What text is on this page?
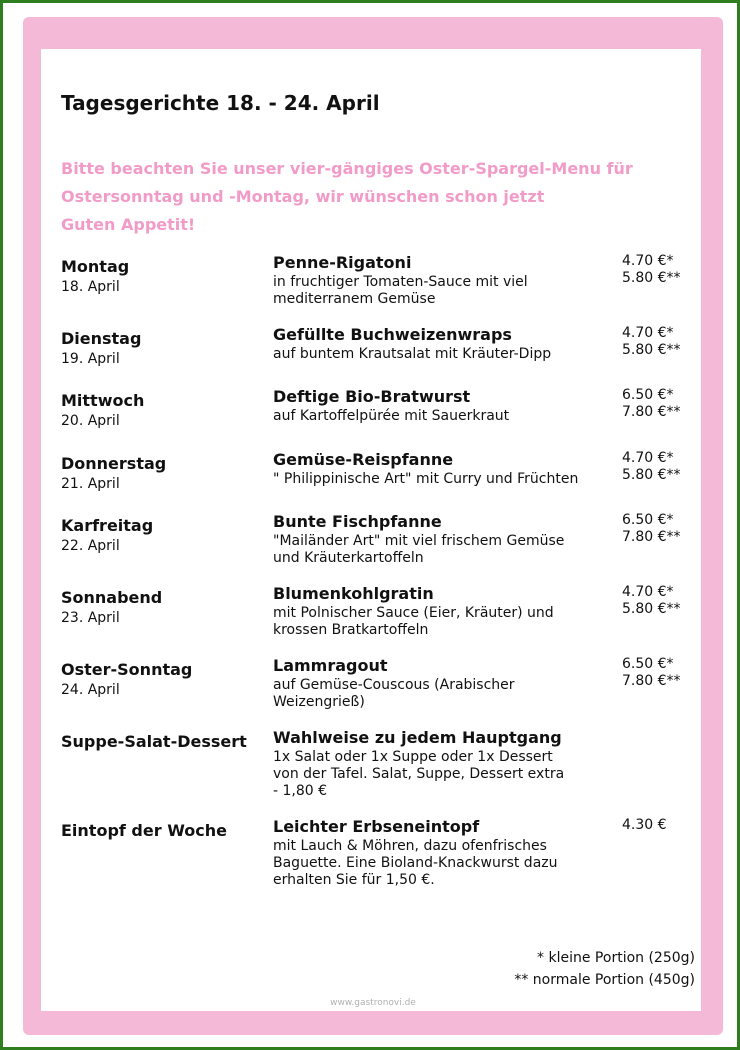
Tagesgerichte 18. - 24. April
Bitte beachten Sie unser vier-gängiges Oster-Spargel-Menu für
Ostersonntag und -Montag, wir wünschen schon jetzt
Guten Appetit!
Montag
18. April
Penne-Rigatoni
in fruchtiger Tomaten-Sauce mit viel
mediterranem Gemüse
4.70 €*
5.80 €**
Dienstag
19. April
Gefüllte Buchweizenwraps
auf buntem Krautsalat mit Kräuter-Dipp
4.70 €*
5.80 €**
Mittwoch
20. April
Deftige Bio-Bratwurst
auf Kartoffelpürée mit Sauerkraut
6.50 €*
7.80 €**
Donnerstag
21. April
Gemüse-Reispfanne
" Philippinische Art" mit Curry und Früchten
4.70 €*
5.80 €**
Karfreitag
22. April
Bunte Fischpfanne
"Mailänder Art" mit viel frischem Gemüse
und Kräuterkartoffeln
6.50 €*
7.80 €**
Sonnabend
23. April
Blumenkohlgratin
mit Polnischer Sauce (Eier, Kräuter) und
krossen Bratkartoffeln
4.70 €*
5.80 €**
Oster-Sonntag
24. April
Lammragout
auf Gemüse-Couscous (Arabischer
Weizengrieß)
6.50 €*
7.80 €**
Suppe-Salat-Dessert Wahlweise zu jedem Hauptgang
1x Salat oder 1x Suppe oder 1x Dessert
von der Tafel. Salat, Suppe, Dessert extra
- 1,80 €
Eintopf der Woche	Leichter Erbseneintopf
mit Lauch & Möhren, dazu ofenfrisches
Baguette. Eine Bioland-Knackwurst dazu
erhalten Sie für 1,50 €.
4.30 €
* kleine Portion (250g)
** normale Portion (450g)
www.gastronovi.de
